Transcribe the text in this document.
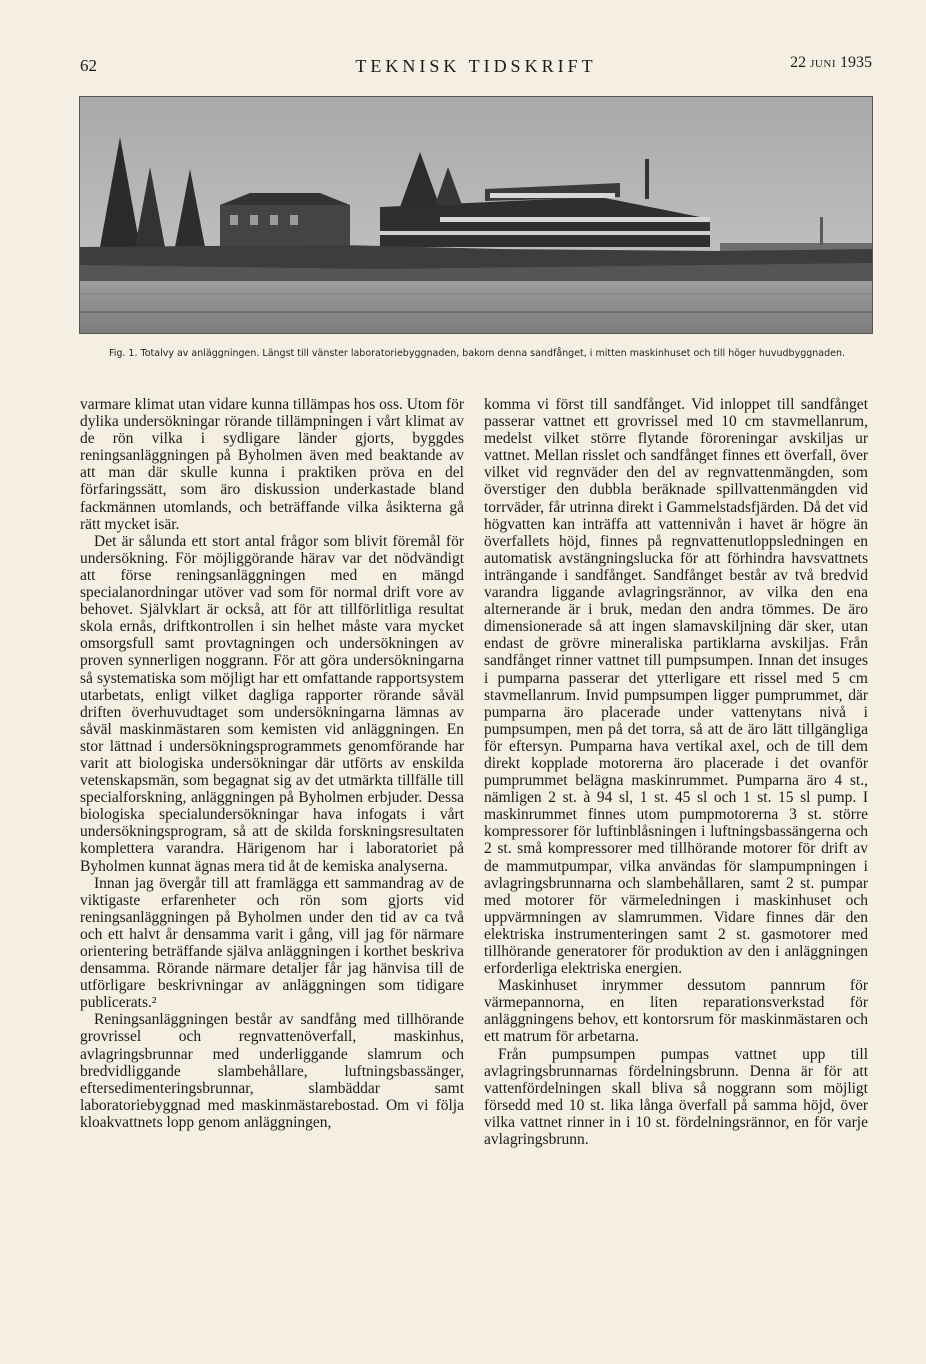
62	TEKNISK TIDSKRIFT	22 JUNI 1935
Fig. 1. Totalvy av anläggningen. Längst till vänster laboratoriebyggnaden, bakom denna sandfånget, i mitten maskinhuset och till höger huvudbyggnaden.

varmare klimat utan vidare kunna tillämpas hos oss. Utom för dylika undersökningar rörande tillämpningen i vårt klimat av de rön vilka i sydligare länder gjorts, byggdes reningsanläggningen på Byholmen även med beaktande av att man där skulle kunna i praktiken pröva en del förfaringssätt, som äro diskussion underkastade bland fackmännen utomlands, och beträffande vilka åsikterna gå rätt mycket isär.

Det är sålunda ett stort antal frågor som blivit föremål för undersökning. För möjliggörande härav var det nödvändigt att förse reningsanläggningen med en mängd specialanordningar utöver vad som för normal drift vore av behovet. Självklart är också, att för att tillförlitliga resultat skola ernås, driftkontrollen i sin helhet måste vara mycket omsorgsfull samt provtagningen och undersökningen av proven synnerligen noggrann. För att göra undersökningarna så systematiska som möjligt har ett omfattande rapportsystem utarbetats, enligt vilket dagliga rapporter rörande såväl driften överhuvudtaget som undersökningarna lämnas av såväl maskinmästaren som kemisten vid anläggningen. En stor lättnad i undersökningsprogrammets genomförande har varit att biologiska undersökningar där utförts av enskilda vetenskapsmän, som begagnat sig av det utmärkta tillfälle till specialforskning, anläggningen på Byholmen erbjuder. Dessa biologiska specialundersökningar hava infogats i vårt undersökningsprogram, så att de skilda forskningsresultaten komplettera varandra. Härigenom har i laboratoriet på Byholmen kunnat ägnas mera tid åt de kemiska analyserna.

Innan jag övergår till att framlägga ett sammandrag av de viktigaste erfarenheter och rön som gjorts vid reningsanläggningen på Byholmen under den tid av ca två och ett halvt år densamma varit i gång, vill jag för närmare orientering beträffande själva anläggningen i korthet beskriva densamma. Rörande närmare detaljer får jag hänvisa till de utförligare beskrivningar av anläggningen som tidigare publicerats.²

Reningsanläggningen består av sandfång med tillhörande grovrissel och regnvattenöverfall, maskinhus, avlagringsbrunnar med underliggande slamrum och bredvidliggande slambehållare, luftningsbassänger, eftersedimenteringsbrunnar, slambäddar samt laboratoriebyggnad med maskinmästarebostad. Om vi följa kloakvattnets lopp genom anläggningen,

komma vi först till sandfånget. Vid inloppet till sandfånget passerar vattnet ett grovrissel med 10 cm stavmellanrum, medelst vilket större flytande föroreningar avskiljas ur vattnet. Mellan risslet och sandfånget finnes ett överfall, över vilket vid regnväder den del av regnvattenmängden, som överstiger den dubbla beräknade spillvattenmängden vid torrväder, får utrinna direkt i Gammelstadsfjärden. Då det vid högvatten kan inträffa att vattennivån i havet är högre än överfallets höjd, finnes på regnvattenutloppsledningen en automatisk avstängningslucka för att förhindra havsvattnets inträngande i sandfånget. Sandfånget består av två bredvid varandra liggande avlagringsrännor, av vilka den ena alternerande är i bruk, medan den andra tömmes. De äro dimensionerade så att ingen slamavskiljning där sker, utan endast de grövre mineraliska partiklarna avskiljas. Från sandfånget rinner vattnet till pumpsumpen. Innan det insuges i pumparna passerar det ytterligare ett rissel med 5 cm stavmellanrum. Invid pumpsumpen ligger pumprummet, där pumparna äro placerade under vattenytans nivå i pumpsumpen, men på det torra, så att de äro lätt tillgängliga för eftersyn. Pumparna hava vertikal axel, och de till dem direkt kopplade motorerna äro placerade i det ovanför pumprummet belägna maskinrummet. Pumparna äro 4 st., nämligen 2 st. à 94 sl, 1 st. 45 sl och 1 st. 15 sl pump. I maskinrummet finnes utom pumpmotorerna 3 st. större kompressorer för luftinblåsningen i luftningsbassängerna och 2 st. små kompressorer med tillhörande motorer för drift av de mammutpumpar, vilka användas för slampumpningen i avlagringsbrunnarna och slambehållaren, samt 2 st. pumpar med motorer för värmeledningen i maskinhuset och uppvärmningen av slamrummen. Vidare finnes där den elektriska instrumenteringen samt 2 st. gasmotorer med tillhörande generatorer för produktion av den i anläggningen erforderliga elektriska energien.

Maskinhuset inrymmer dessutom pannrum för värmepannorna, en liten reparationsverkstad för anläggningens behov, ett kontorsrum för maskinmästaren och ett matrum för arbetarna.

Från pumpsumpen pumpas vattnet upp till avlagringsbrunnarnas fördelningsbrunn. Denna är för att vattenfördelningen skall bliva så noggrann som möjligt försedd med 10 st. lika långa överfall på samma höjd, över vilka vattnet rinner in i 10 st. fördelningsrännor, en för varje avlagringsbrunn.
